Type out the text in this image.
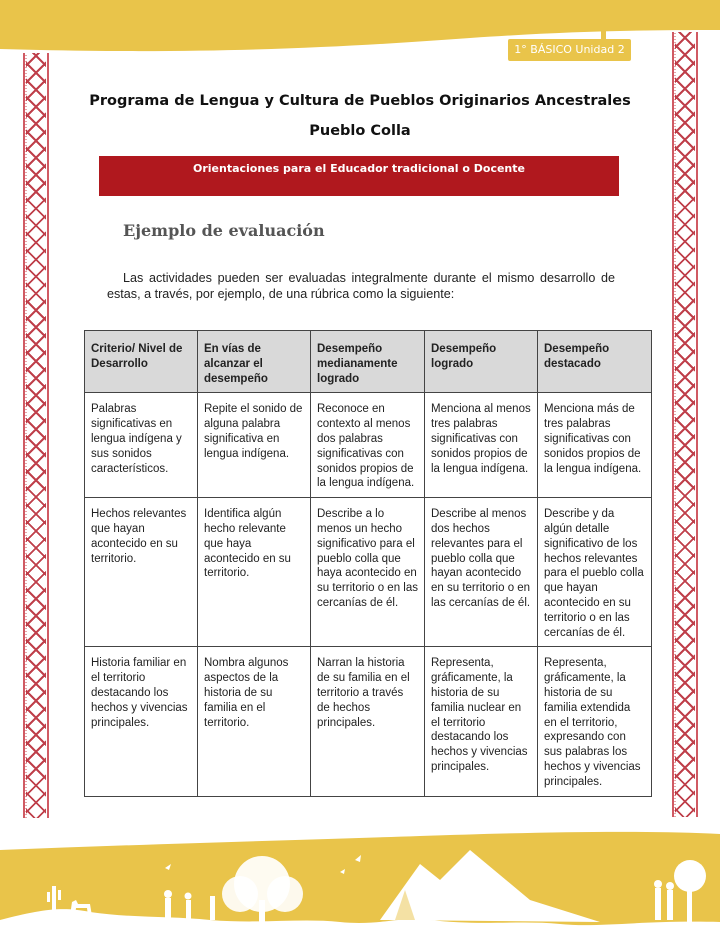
1° BÁSICO Unidad 2
Programa de Lengua y Cultura de Pueblos Originarios Ancestrales
Pueblo Colla
Orientaciones para el Educador tradicional o Docente
Ejemplo de evaluación

Las actividades pueden ser evaluadas integralmente durante el mismo desarrollo de estas, a través, por ejemplo, de una rúbrica como la siguiente:

Criterio/ Nivel de Desarrollo	En vías de alcanzar el desempeño	Desempeño medianamente logrado	Desempeño logrado	Desempeño destacado
Palabras significativas en lengua indígena y sus sonidos característicos.	Repite el sonido de alguna palabra significativa en lengua indígena.	Reconoce en contexto al menos dos palabras significativas con sonidos propios de la lengua indígena.	Menciona al menos tres palabras significativas con sonidos propios de la lengua indígena.	Menciona más de tres palabras significativas con sonidos propios de la lengua indígena.
Hechos relevantes que hayan acontecido en su territorio.	Identifica algún hecho relevante que haya acontecido en su territorio.	Describe a lo menos un hecho significativo para el pueblo colla que haya acontecido en su territorio o en las cercanías de él.	Describe al menos dos hechos relevantes para el pueblo colla que hayan acontecido en su territorio o en las cercanías de él.	Describe y da algún detalle significativo de los hechos relevantes para el pueblo colla que hayan acontecido en su territorio o en las cercanías de él.
Historia familiar en el territorio destacando los hechos y vivencias principales.	Nombra algunos aspectos de la historia de su familia en el territorio.	Narran la historia de su familia en el territorio a través de hechos principales.	Representa, gráficamente, la historia de su familia nuclear en el territorio destacando los hechos y vivencias principales.	Representa, gráficamente, la historia de su familia extendida en el territorio, expresando con sus palabras los hechos y vivencias principales.
